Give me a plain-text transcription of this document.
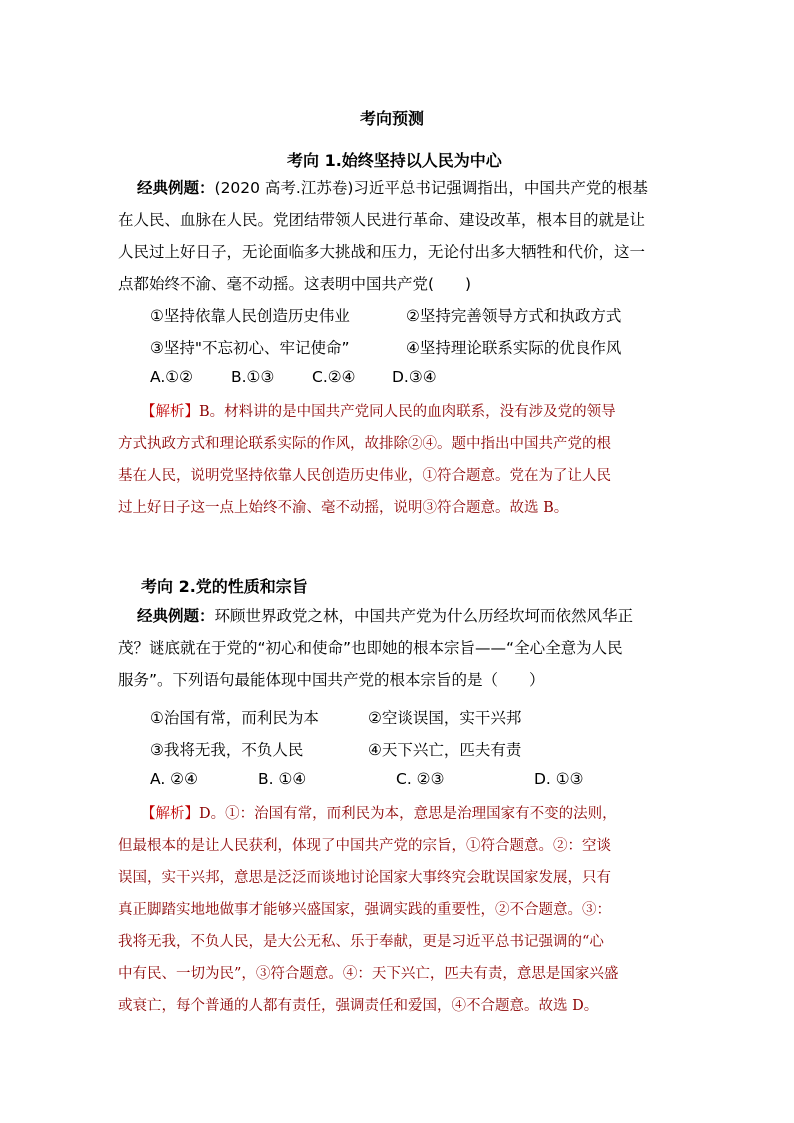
考向预测
考向 1.始终坚持以人民为中心
经典例题：(2020 高考.江苏卷)习近平总书记强调指出，中国共产党的根基
在人民、血脉在人民。党团结带领人民进行革命、建设改革，根本目的就是让
人民过上好日子，无论面临多大挑战和压力，无论付出多大牺牲和代价，这一
点都始终不渝、毫不动摇。这表明中国共产党(　　)
①坚持依靠人民创造历史伟业	②坚持完善领导方式和执政方式
③坚持"不忘初心、牢记使命”	④坚持理论联系实际的优良作风
A.①② B.①③ C.②④ D.③④
【解析】B。材料讲的是中国共产党同人民的血肉联系，没有涉及党的领导
方式执政方式和理论联系实际的作风，故排除②④。题中指出中国共产党的根
基在人民，说明党坚持依靠人民创造历史伟业，①符合题意。党在为了让人民
过上好日子这一点上始终不渝、毫不动摇，说明③符合题意。故选 B。
考向 2.党的性质和宗旨
经典例题：环顾世界政党之林，中国共产党为什么历经坎坷而依然风华正
茂？谜底就在于党的“初心和使命”也即她的根本宗旨——“全心全意为人民
服务”。下列语句最能体现中国共产党的根本宗旨的是（　　）
①治国有常，而利民为本	②空谈误国，实干兴邦
③我将无我，不负人民	④天下兴亡，匹夫有责
A. ②④	B. ①④	C. ②③	D. ①③
【解析】D。①：治国有常，而利民为本，意思是治理国家有不变的法则，
但最根本的是让人民获利，体现了中国共产党的宗旨，①符合题意。②：空谈
误国，实干兴邦，意思是泛泛而谈地讨论国家大事终究会耽误国家发展，只有
真正脚踏实地地做事才能够兴盛国家，强调实践的重要性，②不合题意。③：
我将无我，不负人民，是大公无私、乐于奉献，更是习近平总书记强调的“心
中有民、一切为民”，③符合题意。④：天下兴亡，匹夫有责，意思是国家兴盛
或衰亡，每个普通的人都有责任，强调责任和爱国，④不合题意。故选 D。
